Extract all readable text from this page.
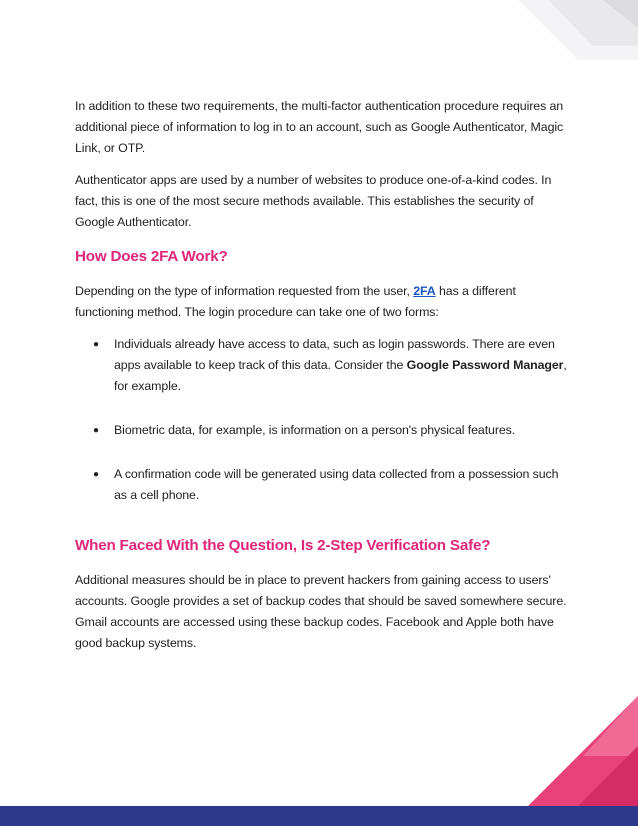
In addition to these two requirements, the multi-factor authentication procedure requires an additional piece of information to log in to an account, such as Google Authenticator, Magic Link, or OTP.

Authenticator apps are used by a number of websites to produce one-of-a-kind codes. In fact, this is one of the most secure methods available. This establishes the security of Google Authenticator.

How Does 2FA Work?

Depending on the type of information requested from the user, 2FA has a different functioning method. The login procedure can take one of two forms:

● Individuals already have access to data, such as login passwords. There are even apps available to keep track of this data. Consider the Google Password Manager, for example.
● Biometric data, for example, is information on a person's physical features.
● A confirmation code will be generated using data collected from a possession such as a cell phone.
When Faced With the Question, Is 2-Step Verification Safe?

Additional measures should be in place to prevent hackers from gaining access to users' accounts. Google provides a set of backup codes that should be saved somewhere secure. Gmail accounts are accessed using these backup codes. Facebook and Apple both have good backup systems.
